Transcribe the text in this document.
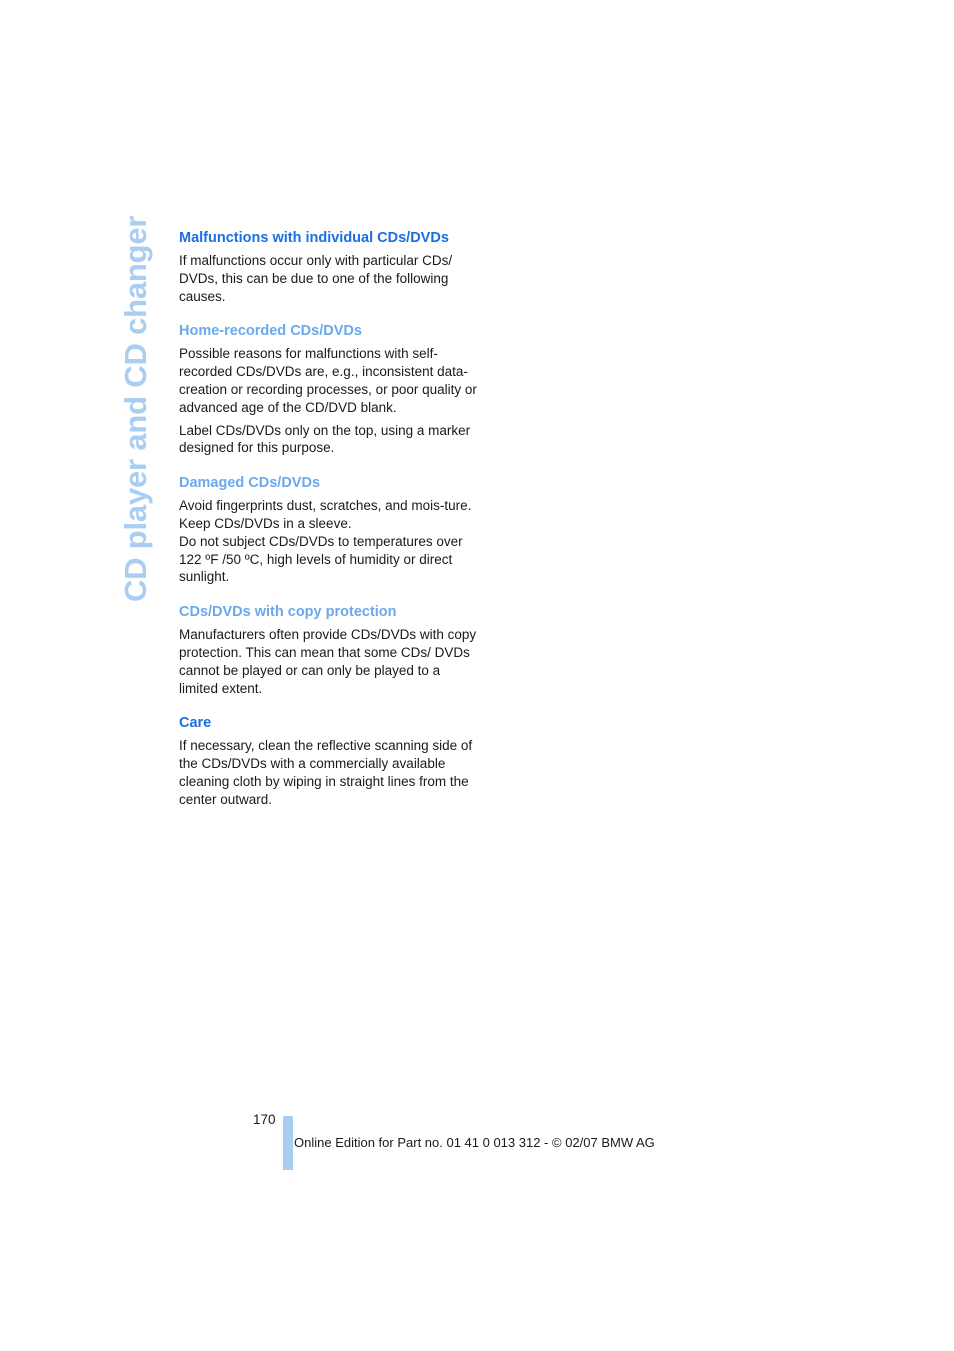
CD player and CD changer Malfunctions with individual CDs/DVDs

If malfunctions occur only with particular CDs/ DVDs, this can be due to one of the following causes.

Home-recorded CDs/DVDs

Possible reasons for malfunctions with self-recorded CDs/DVDs are, e.g., inconsistent data-creation or recording processes, or poor quality or advanced age of the CD/DVD blank.

Label CDs/DVDs only on the top, using a marker designed for this purpose.

Damaged CDs/DVDs

Avoid fingerprints dust, scratches, and mois-ture.

Keep CDs/DVDs in a sleeve.

Do not subject CDs/DVDs to temperatures over 122 ºF /50 ºC, high levels of humidity or direct sunlight.

CDs/DVDs with copy protection

Manufacturers often provide CDs/DVDs with copy protection. This can mean that some CDs/ DVDs cannot be played or can only be played to a limited extent.

Care

If necessary, clean the reflective scanning side of the CDs/DVDs with a commercially available cleaning cloth by wiping in straight lines from the center outward.

170
Online Edition for Part no. 01 41 0 013 312 - © 02/07 BMW AG
